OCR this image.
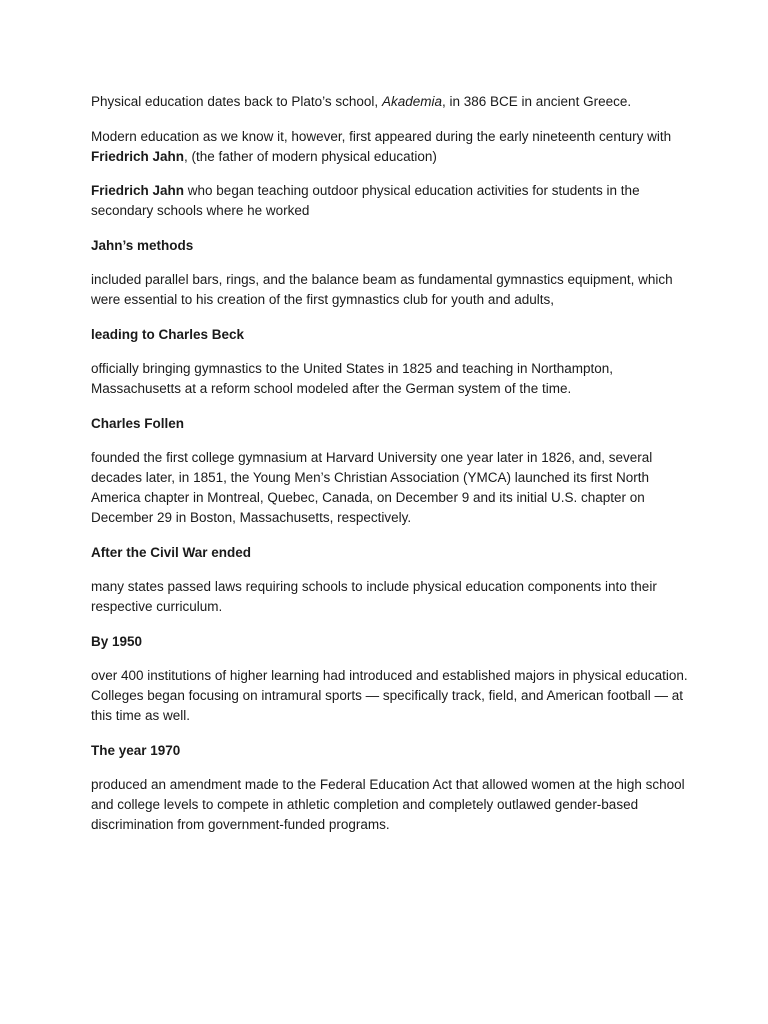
Physical education dates back to Plato’s school, Akademia, in 386 BCE in ancient Greece.

Modern education as we know it, however, first appeared during the early nineteenth century with Friedrich Jahn, (the father of modern physical education)

Friedrich Jahn who began teaching outdoor physical education activities for students in the secondary schools where he worked

Jahn’s methods

included parallel bars, rings, and the balance beam as fundamental gymnastics equipment, which were essential to his creation of the first gymnastics club for youth and adults,

leading to Charles Beck

officially bringing gymnastics to the United States in 1825 and teaching in Northampton, Massachusetts at a reform school modeled after the German system of the time.

Charles Follen

founded the first college gymnasium at Harvard University one year later in 1826, and, several decades later, in 1851, the Young Men’s Christian Association (YMCA) launched its first North America chapter in Montreal, Quebec, Canada, on December 9 and its initial U.S. chapter on December 29 in Boston, Massachusetts, respectively.

After the Civil War ended

many states passed laws requiring schools to include physical education components into their respective curriculum.

By 1950

over 400 institutions of higher learning had introduced and established majors in physical education. Colleges began focusing on intramural sports — specifically track, field, and American football — at this time as well.

The year 1970

produced an amendment made to the Federal Education Act that allowed women at the high school and college levels to compete in athletic completion and completely outlawed gender-based discrimination from government-funded programs.
